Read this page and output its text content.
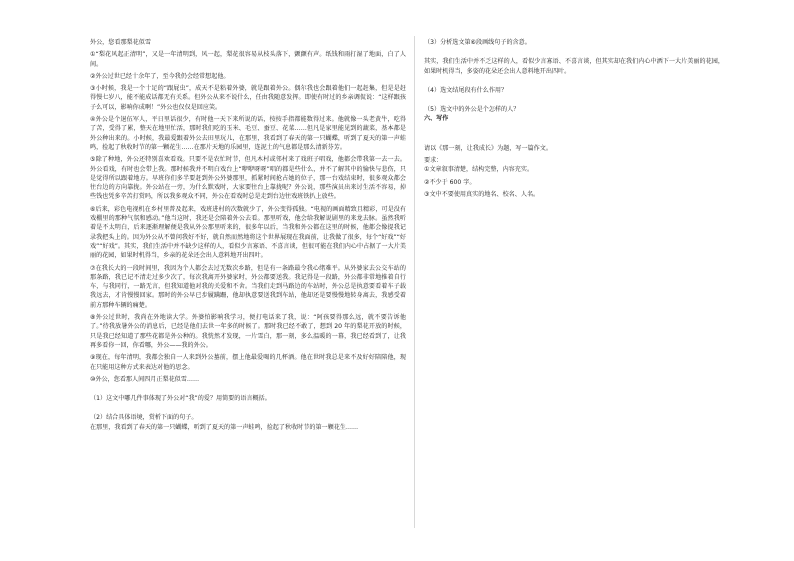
外公，您看那梨花似雪

①“梨花风起正清明”，又是一年清明到，风一起，梨花很容易从枝头落下，颤颤有声。纸钱和雨打湿了地面，白了人间。

②外公过世已经十余年了，至今我仍会经常想起他。

③小时候，我是一个十足的“跟屁虫”，成天不是粘着外婆，就是跟着外公。偶尔我也会跟着他们一起赶集，但是是赶得慢七岁八，能不能成话都无有关系。但外公从来不说什么，任由我随意发挥。即使有时过的乡亲调侃说：“这样跟孩子么可以，影响你成啊！”外公也仅仅是回应笑。

④外公是个退伍军人，平日里话很少，有时他一天下来所说的话，按按手指都能数得过来。他就像一头老黄牛，吃得了苦，受得了累，整天在地里忙活，那时我们吃的玉米、毛豆、蚕豆、花菜……但凡是家里能见到的蔬菜，基本都是外公种出来的。小时候，我最爱跟着外公去田里玩儿，在那里，我看到了春天的第一只蝴蝶，听到了夏天的第一声蛙鸣，捡起了秋收时节的第一颗花生……在那片天地的乐园里，连泥土的气息都是那么清新芬芳。

⑤除了种地，外公还特别喜欢看戏。只要不是农忙时节，但凡木村或邻村来了戏班子唱戏，他都会带我第一去一去。外公看戏，有时也会带上我。那时候我并不明白戏台上“咿咿呀呀”唱的都是些什么，并不了解其中的愉快与悲伤，只是觉得所以跟着地方。早班你们多半要赶到外公外婆那里，抓紧时间抢占她的位子，那一台戏结束时，很多观众都会往台边的方向靠拢。外公站在一旁，为什么默戏时，大家要往台上靠拢呢？外公说，那些演员出来讨生活不容易，掉些钱也凭多辛苦打赏吗，所以我多观众不同，外公在看戏时总是走到台边往戏班铁扒上放些。

⑥后来，彩色电视机在乡村里普及起来，戏班进村的次数就少了，外公变得孤独。“电视的画面精致且精彩，可是没有戏棚里的那种气氛和感动。”他当这时，我还是会陪着外公去看。那里听戏，他会给我解说剧里的来龙去脉。虽然我听着是不太明白，后来逐渐理解便是我从外公那里听来的，很多年以后，当我和外公都在这里的时候，他都会像提我记录我把头上的。因为外公从不曾问我好不好，就自然而然地将这个世界展现在我面前，让我做了很多，每个“好戏”“好戏”“好戏”。其实，我们生活中并不缺少这样的人，看似少言寡语、不喜言谈，但很可能在我们内心中占据了一大片美丽的花园，如果时机得当，乡亲的花朵还会出人意料地开出四叶。

⑦在我长大的一段时间里，我因为个人都会去过无数次乡路，但是有一条路最令我心绪难平。从外婆家去公交车站的那条路，我已记不清走过多少次了，每次我离开外婆家时，外公都要送我。我记得是一段路，外公都非常地推着自行车，与我同行，一路无言，但我知道他对我的关爱和不舍。当我们走到马路边的车站时，外公总是执意要看着车子载我远去，才肯慢慢回家。那时的外公早已步履蹒跚，他却执意要送我到车站，他却还是要慢慢地转身离去，我感受着前方那种车辆的痛楚。

⑧外公过世时，我尚在外地读大学。外婆怕影响我学习，便打电话来了我，说：“阿孩要得那么远，就不要告诉他了。”待我放暑外公的消息后，已经是他们去世一年多的时候了。那时我已经不敢了，想到 20 年的梨花开放的时候，只是我已经知道了那些花都是外公种的。我恍然才发现，一片雪白，那一刻，多么温暖的一幕，我已经看到了，让我再多看你一回，你看哪，外公——我的外公。

⑨现在，每年清明，我都会独自一人来到外公墓前，摆上他最爱喝的几杯酒。他在世时我总是来不及好好陪陪他，现在只能用这种方式来表达对他的思念。

⑩外公，您看那人间四月正梨花似雪……

（1）这文中哪几件事体现了外公对“我”的爱？用简要的语言概括。

（2）结合具体语境，赏析下面的句子。

在那里，我看到了春天的第一只蝴蝶，听到了夏天的第一声蛙鸣，捡起了秋收时节的第一颗花生……

（3）分析选文第⑥段画线句子的含意。

其实，我们生活中并不乏这样的人，看似少言寡语、不喜言谈，但其实却在我们内心中洒下一大片美丽的花园，如果时机得当，多姿的花朵还会出人意料地开出四叶。

（4）选文结尾段有什么作用？

（5）选文中的外公是个怎样的人？

六、写作

请以《那一刻，让我成长》为题，写一篇作文。

要求：

①文章叙事清楚，结构完整，内容充实。

②不少于 600 字。

③文中不要使用真实的地名、校名、人名。
